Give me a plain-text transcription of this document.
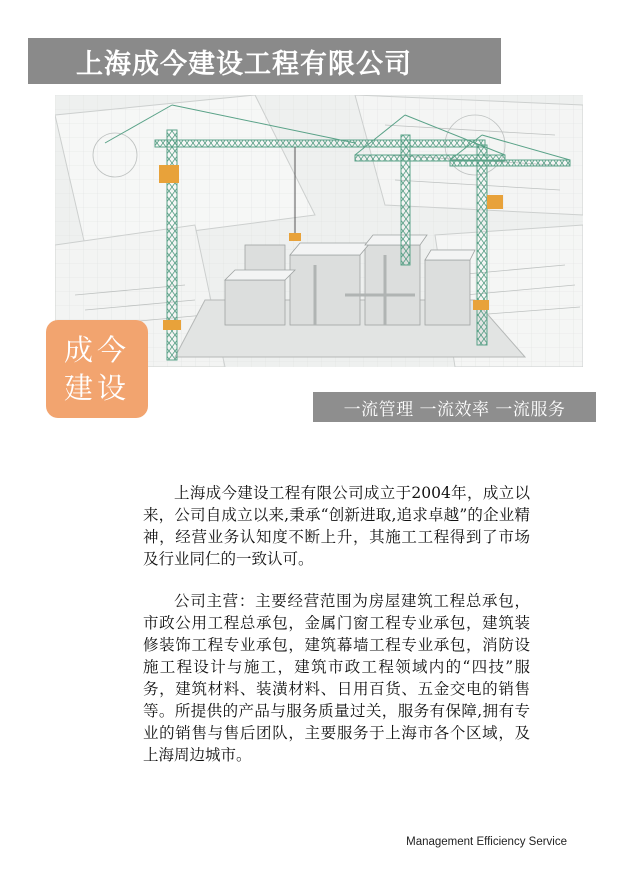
上海成今建设工程有限公司
成今
建设
一流管理 一流效率 一流服务

上海成今建设工程有限公司成立于2004年，成立以来，公司自成立以来,秉承“创新进取,追求卓越”的企业精神，经营业务认知度不断上升，其施工工程得到了市场及行业同仁的一致认可。

公司主营：主要经营范围为房屋建筑工程总承包，市政公用工程总承包，金属门窗工程专业承包，建筑装修装饰工程专业承包，建筑幕墙工程专业承包，消防设施工程设计与施工，建筑市政工程领域内的“四技”服务，建筑材料、装潢材料、日用百货、五金交电的销售等。所提供的产品与服务质量过关，服务有保障,拥有专业的销售与售后团队，主要服务于上海市各个区域，及上海周边城市。

Management Efficiency Service
